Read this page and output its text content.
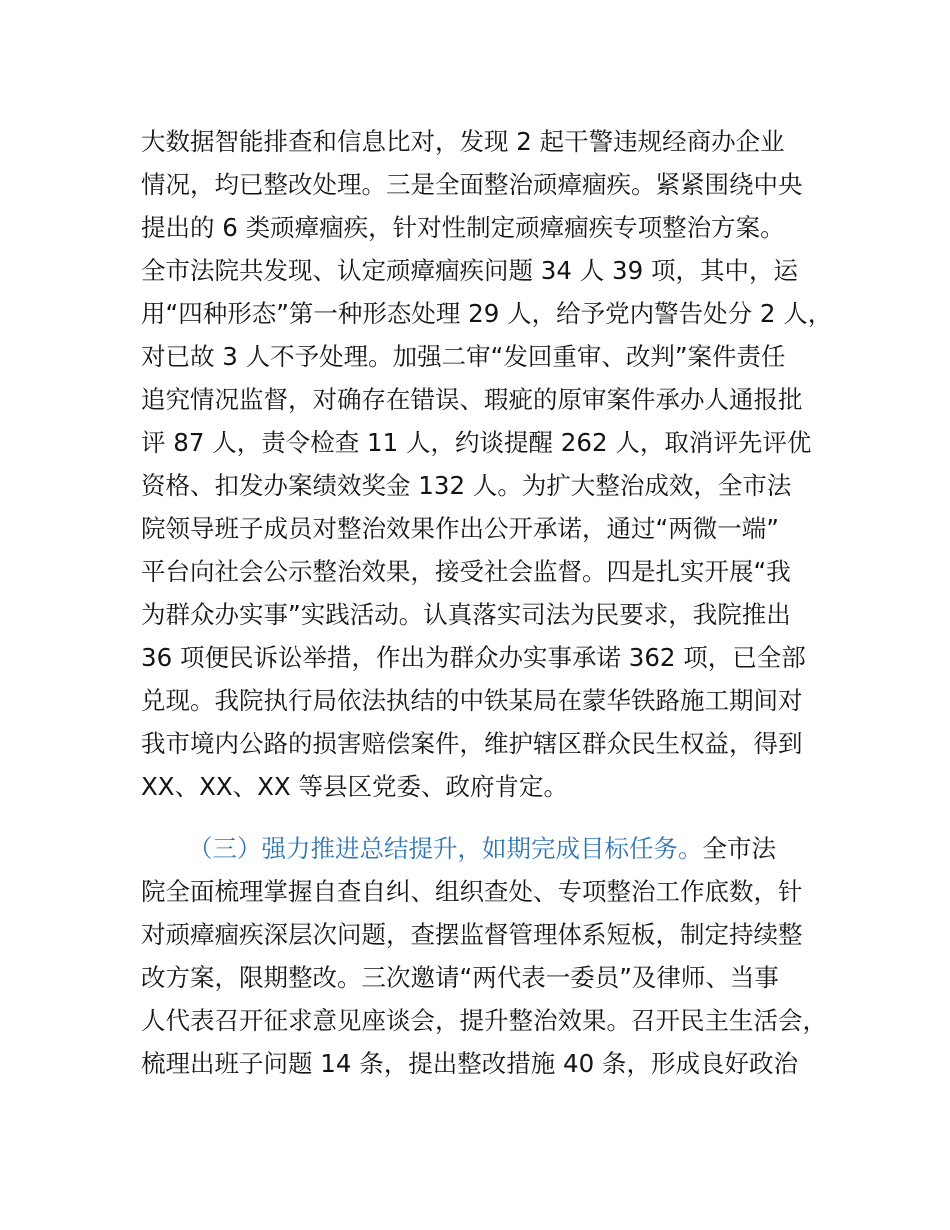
大数据智能排查和信息比对，发现 2 起干警违规经商办企业
情况，均已整改处理。三是全面整治顽瘴痼疾。紧紧围绕中央
提出的 6 类顽瘴痼疾，针对性制定顽瘴痼疾专项整治方案。
全市法院共发现、认定顽瘴痼疾问题 34 人 39 项，其中，运
用“四种形态”第一种形态处理 29 人，给予党内警告处分 2 人，
对已故 3 人不予处理。加强二审“发回重审、改判”案件责任
追究情况监督，对确存在错误、瑕疵的原审案件承办人通报批
评 87 人，责令检查 11 人，约谈提醒 262 人，取消评先评优
资格、扣发办案绩效奖金 132 人。为扩大整治成效，全市法
院领导班子成员对整治效果作出公开承诺，通过“两微一端”
平台向社会公示整治效果，接受社会监督。四是扎实开展“我
为群众办实事”实践活动。认真落实司法为民要求，我院推出
36 项便民诉讼举措，作出为群众办实事承诺 362 项，已全部
兑现。我院执行局依法执结的中铁某局在蒙华铁路施工期间对
我市境内公路的损害赔偿案件，维护辖区群众民生权益，得到
XX、XX、XX 等县区党委、政府肯定。
（三）强力推进总结提升，如期完成目标任务。全市法
院全面梳理掌握自查自纠、组织查处、专项整治工作底数，针
对顽瘴痼疾深层次问题，查摆监督管理体系短板，制定持续整
改方案，限期整改。三次邀请“两代表一委员”及律师、当事
人代表召开征求意见座谈会，提升整治效果。召开民主生活会，
梳理出班子问题 14 条，提出整改措施 40 条，形成良好政治
